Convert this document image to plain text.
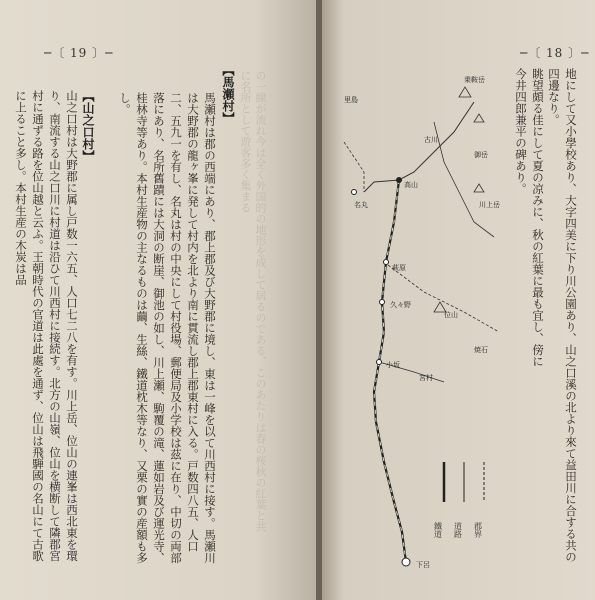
─〔 19 〕─
の一線が流れ今は全く外国的の地形を成して居るのである、このあたりは春の桜秋の紅葉と共に名所として遊客多く集まる
【馬瀬村】
馬瀬村は郡の西端にあり、郡上郡及び大野郡に境し、東は一峰を以て川西村に接す。馬瀬川は大野郡の龍ヶ峯に発して村内を北より南に貫流し郡上郡東村に入る。戸数四八五、人口二、五九一を有し、名丸は村の中央にして村役場、郵便局及小学校は茲に在り、中切の両部落にあり、名所舊蹟には大洞の断崖、御池の如し、川上瀬、駒覆の滝、蓮如岩及び運光寺、桂林寺等あり。本村生産物の主なるものは繭、生絲、鐵道枕木等なり、又栗の實の産額も多し。
【山之口村】
山之口村は大野郡に属し戸数一六五、人口七二八を有す。川上岳、位山の連峯は西北東を環り、南流する山之口川に村道は沿ひて川西村に接続す。北方の山嶺、位山を横断して隣郡宮村に通ずる路を位山越と云ふ。王朝時代の官道は此處を通ず、位山は飛騨國の名山にて古歌に上ること多し。本村生産の木炭は品
─〔 18 〕─
地にして又小學校あり、大字四美に下り川公園あり、山之口溪の北より來て益田川に合する共の四邊なり。
眺望頗る佳にして夏の凉みに、秋の紅葉に最も宜し、傍に今井四郎兼平の碑あり。
里島
乗鞍岳
御岳
高山
古川
萩原
下呂
位山
川上岳
名丸
久々野
宮村
小坂
焼石
鐵道 道路 郡界
